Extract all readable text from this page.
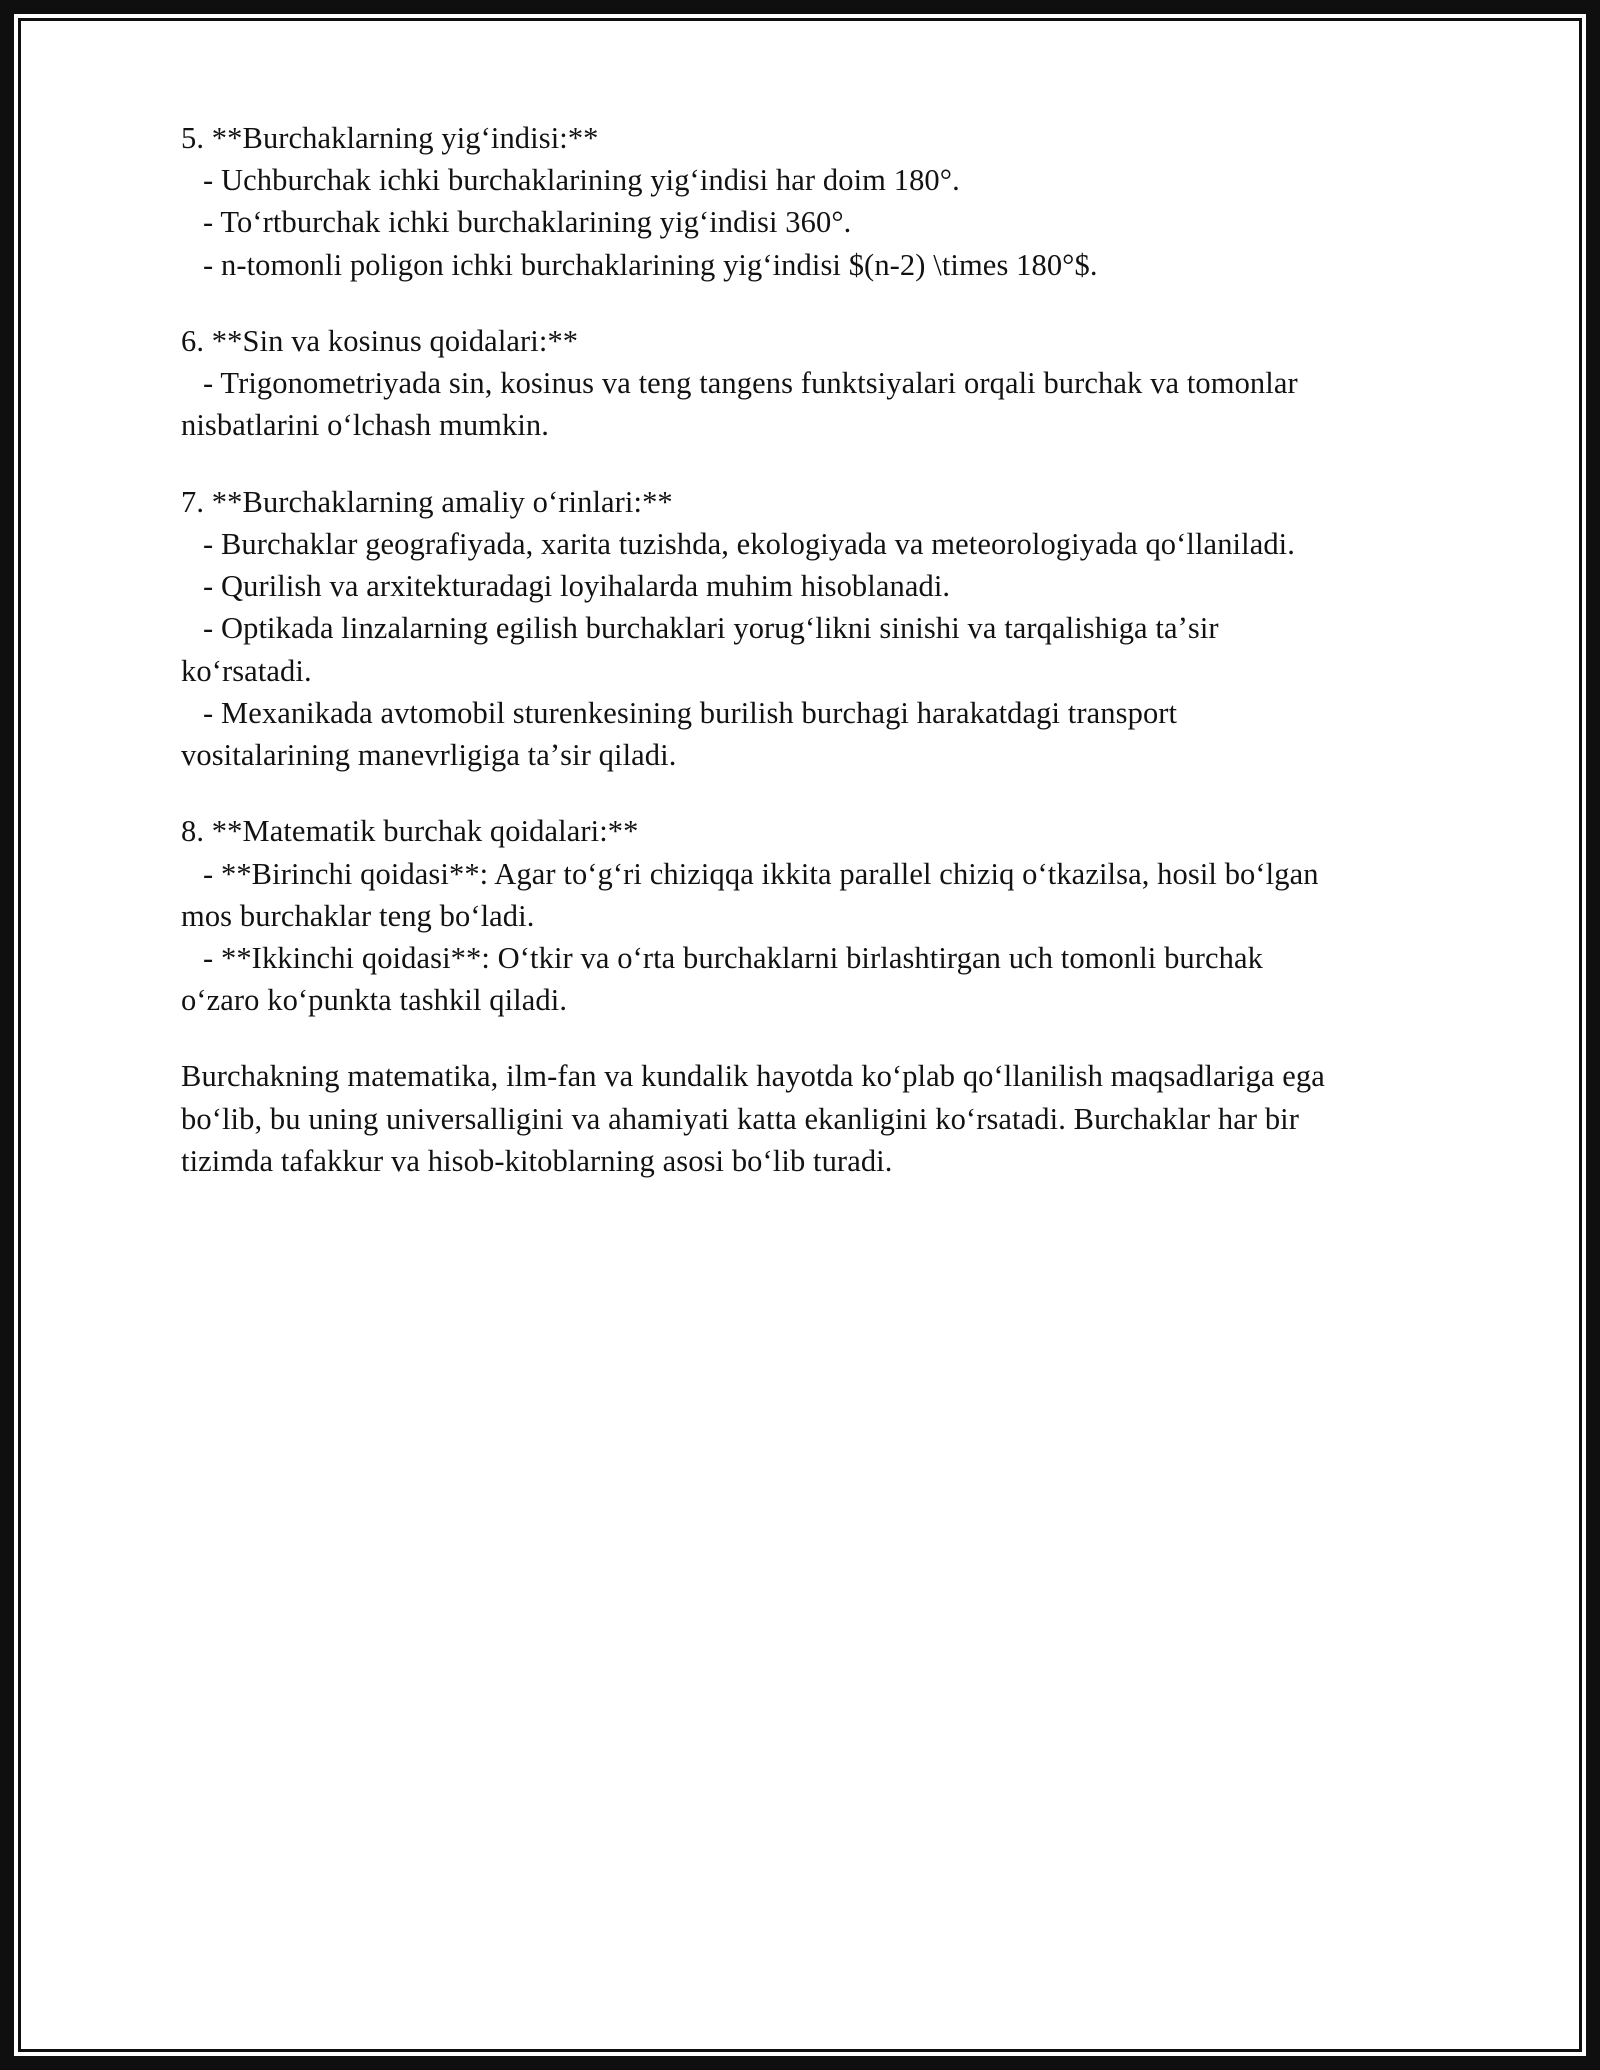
5. **Burchaklarning yigʻindisi:**

- Uchburchak ichki burchaklarining yigʻindisi har doim 180°.

- Toʻrtburchak ichki burchaklarining yigʻindisi 360°.

- n-tomonli poligon ichki burchaklarining yigʻindisi $(n-2) \times 180°$.

6. **Sin va kosinus qoidalari:**

- Trigonometriyada sin, kosinus va teng tangens funktsiyalari orqali burchak va tomonlar nisbatlarini oʻlchash mumkin.

7. **Burchaklarning amaliy oʻrinlari:**

- Burchaklar geografiyada, xarita tuzishda, ekologiyada va meteorologiyada qoʻllaniladi.

- Qurilish va arxitekturadagi loyihalarda muhim hisoblanadi.

- Optikada linzalarning egilish burchaklari yorugʻlikni sinishi va tarqalishiga taʼsir koʻrsatadi.

- Mexanikada avtomobil sturenkesining burilish burchagi harakatdagi transport vositalarining manevrligiga taʼsir qiladi.

8. **Matematik burchak qoidalari:**

- **Birinchi qoidasi**: Agar toʻgʻri chiziqqa ikkita parallel chiziq oʻtkazilsa, hosil boʻlgan mos burchaklar teng boʻladi.

- **Ikkinchi qoidasi**: Oʻtkir va oʻrta burchaklarni birlashtirgan uch tomonli burchak oʻzaro koʻpunkta tashkil qiladi.

Burchakning matematika, ilm-fan va kundalik hayotda koʻplab qoʻllanilish maqsadlariga ega boʻlib, bu uning universalligini va ahamiyati katta ekanligini koʻrsatadi. Burchaklar har bir tizimda tafakkur va hisob-kitoblarning asosi boʻlib turadi.
